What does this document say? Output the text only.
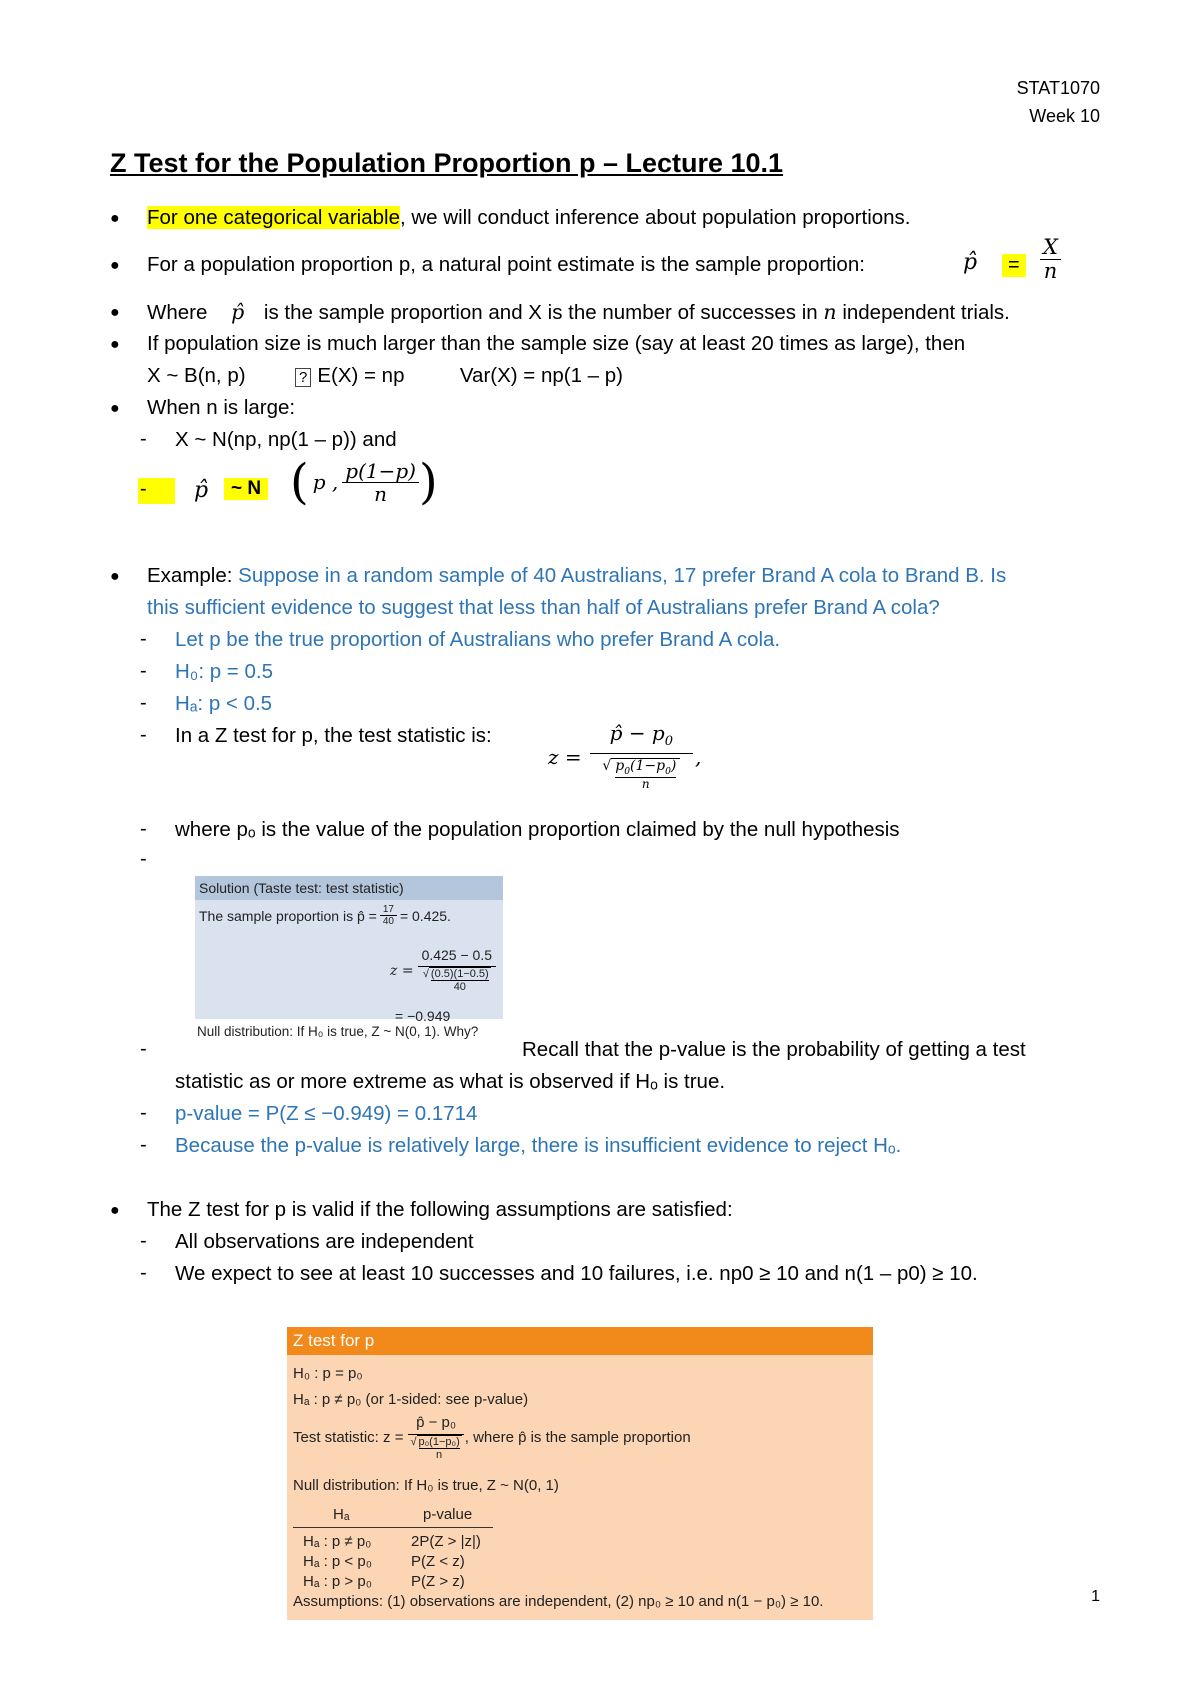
STAT1070
Week 10
Z Test for the Population Proportion p – Lecture 10.1
● For one categorical variable, we will conduct inference about population proportions.
● For a population proportion p, a natural point estimate is the sample proportion:	p̂	= $\frac{X}{n}$
● Where p̂ is the sample proportion and X is the number of successes in n independent trials.
● If population size is much larger than the sample size (say at least 20 times as large), then
X ~ B(n, p)	? E(X) = np	Var(X) = np(1 – p)
● When n is large:
- X ~ N(np, np(1 – p)) and
-	p̂	~ N ( p , $\frac{p(1-p)}{n}$ )
● Example: Suppose in a random sample of 40 Australians, 17 prefer Brand A cola to Brand B. Is
this sufficient evidence to suggest that less than half of Australians prefer Brand A cola?
- Let p be the true proportion of Australians who prefer Brand A cola.
- H₀: p = 0.5
- Hₐ: p < 0.5
- In a Z test for p, the test statistic is:
$z = \frac{p̂ - p_0}{√ \frac{p_0(1-p_0)}{n}}$ ,
- where pₒ is the value of the population proportion claimed by the null hypothesis
-
Solution (Taste test: test statistic)
The sample proportion is p̂ = $\frac{17}{40} = 0.425$.
$z = \frac{0.425 - 0.5}{√ \frac{(0.5)(1-0.5)}{40}}$
= −0.949
Null distribution: If H₀ is true, Z ~ N(0, 1). Why?
-	Recall that the p-value is the probability of getting a test
statistic as or more extreme as what is observed if Hₒ is true.
- p-value = P(Z ≤ −0.949) = 0.1714
- Because the p-value is relatively large, there is insufficient evidence to reject Hₒ.
● The Z test for p is valid if the following assumptions are satisfied:
- All observations are independent
- We expect to see at least 10 successes and 10 failures, i.e. np0 ≥ 10 and n(1 – p0) ≥ 10.
Z test for p
H₀ : p = p₀
Hₐ : p ≠ p₀ (or 1-sided: see p-value)
Test statistic: $z = \frac{\text{p̂ − p₀}}{√ \frac{\text{p₀(1−p₀)}}{n}}$ , where p̂ is the sample proportion
Null distribution: If H₀ is true, Z ~ N(0, 1)
Hₐ	p-value
Hₐ : p ≠ p₀	2P(Z > |z|)
Hₐ : p < p₀	P(Z < z)
Hₐ : p > p₀	P(Z > z)
Assumptions: (1) observations are independent, (2) np₀ ≥ 10 and n(1 − p₀) ≥ 10.	1
